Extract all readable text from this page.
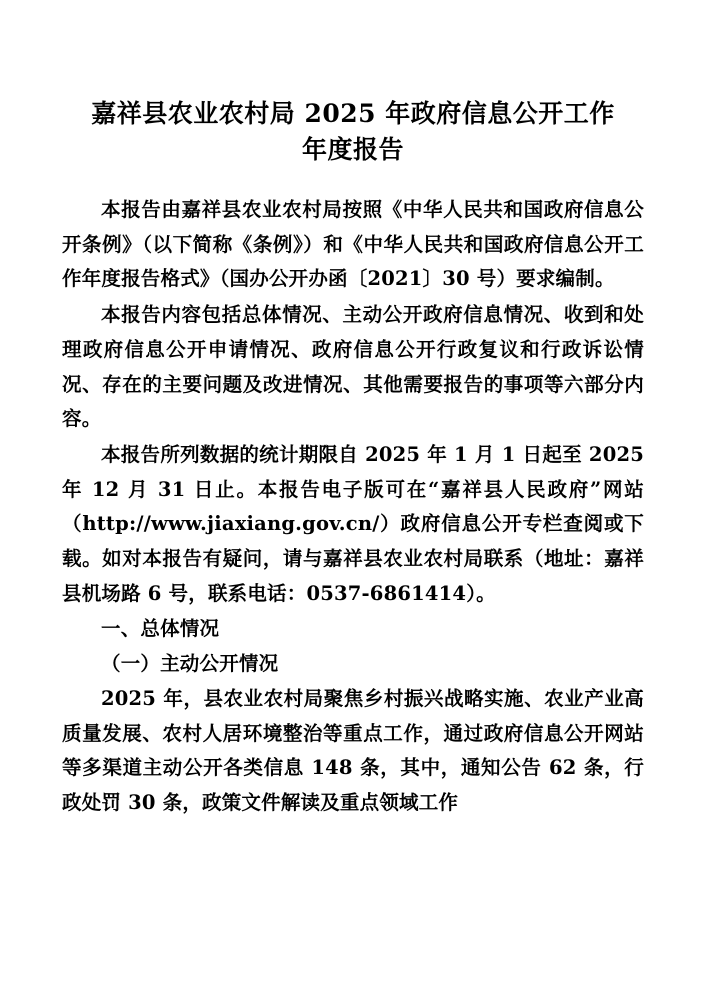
嘉祥县农业农村局 2025 年政府信息公开工作年度报告

本报告由嘉祥县农业农村局按照《中华人民共和国政府信息公开条例》（以下简称《条例》）和《中华人民共和国政府信息公开工作年度报告格式》（国办公开办函〔2021〕30 号）要求编制。

本报告内容包括总体情况、主动公开政府信息情况、收到和处理政府信息公开申请情况、政府信息公开行政复议和行政诉讼情况、存在的主要问题及改进情况、其他需要报告的事项等六部分内容。

本报告所列数据的统计期限自 2025 年 1 月 1 日起至 2025 年 12 月 31 日止。本报告电子版可在“嘉祥县人民政府”网站（http://www.jiaxiang.gov.cn/）政府信息公开专栏查阅或下载。如对本报告有疑问，请与嘉祥县农业农村局联系（地址：嘉祥县机场路 6 号，联系电话：0537-6861414）。

一、总体情况

（一）主动公开情况

2025 年，县农业农村局聚焦乡村振兴战略实施、农业产业高质量发展、农村人居环境整治等重点工作，通过政府信息公开网站等多渠道主动公开各类信息 148 条，其中，通知公告 62 条，行政处罚 30 条，政策文件解读及重点领域工作
